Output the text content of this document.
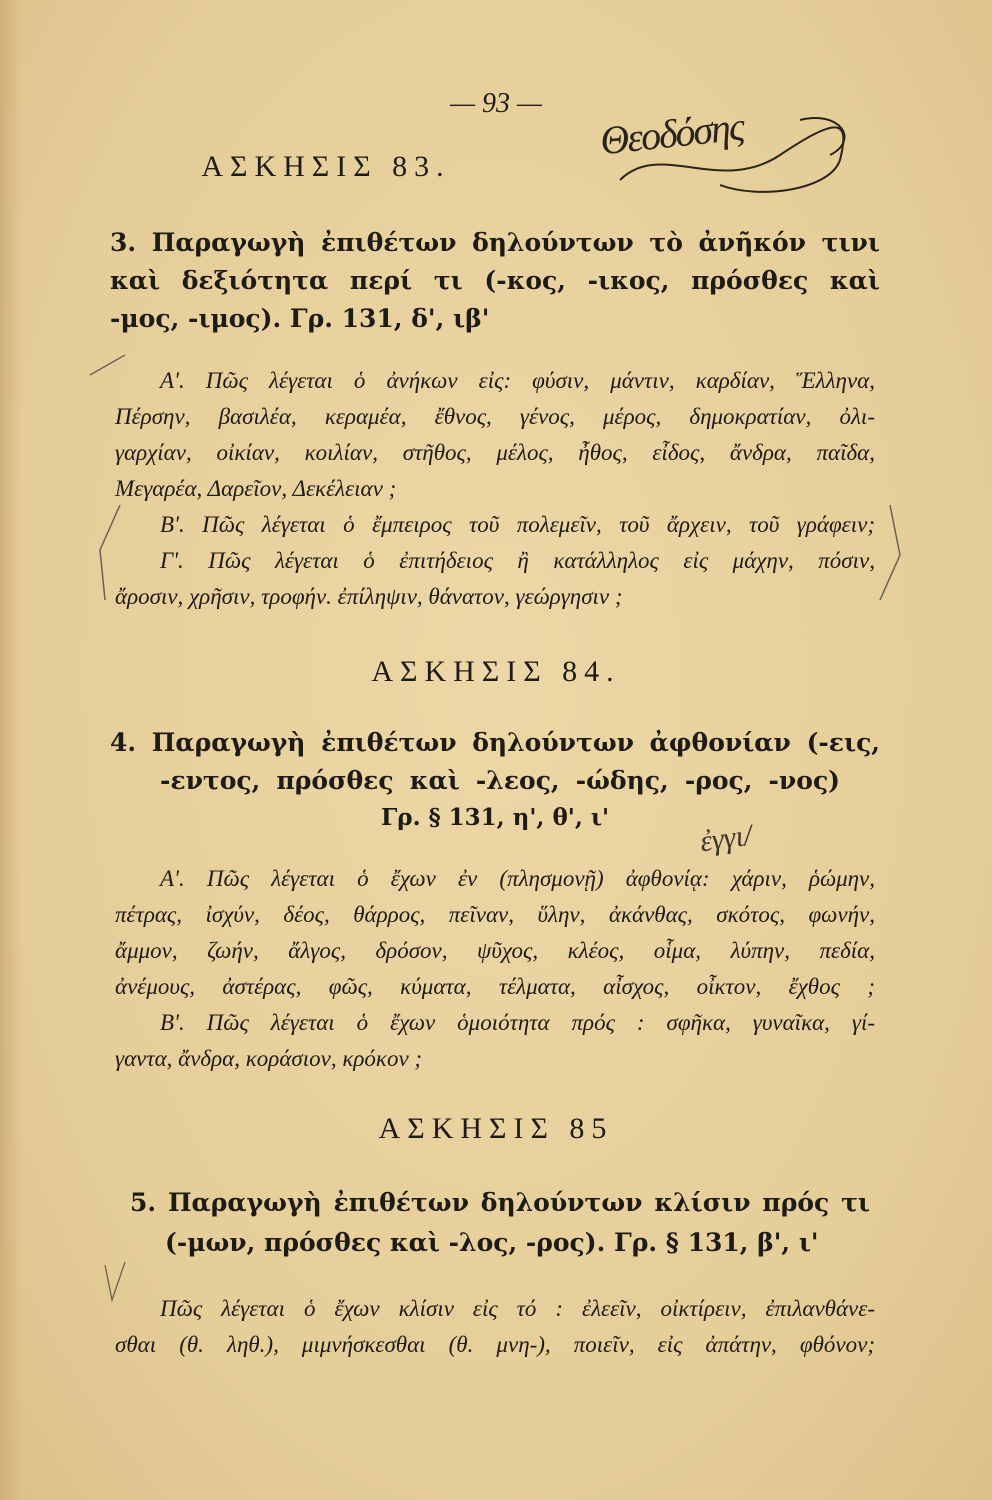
— 93 —
ΑΣΚΗΣΙΣ 83.
Θεοδόσης
3. Παραγωγὴ ἐπιθέτων δηλούντων τὸ ἀνῆκόν τινι
καὶ δεξιότητα περί τι (-κος, -ικος, πρόσθες καὶ
-μος, -ιμος). Γρ. 131, δ', ιβ'
Α'. Πῶς λέγεται ὁ ἀνήκων εἰς: φύσιν, μάντιν, καρδίαν, Ἕλληνα,
Πέρσην, βασιλέα, κεραμέα, ἔθνος, γένος, μέρος, δημοκρατίαν, ὀλι-
γαρχίαν, οἰκίαν, κοιλίαν, στῆθος, μέλος, ἦθος, εἶδος, ἄνδρα, παῖδα,
Μεγαρέα, Δαρεῖον, Δεκέλειαν ;
Β'. Πῶς λέγεται ὁ ἔμπειρος τοῦ πολεμεῖν, τοῦ ἄρχειν, τοῦ γράφειν;
Γ'. Πῶς λέγεται ὁ ἐπιτήδειος ἢ κατάλληλος εἰς μάχην, πόσιν,
ἄροσιν, χρῆσιν, τροφήν. ἐπίληψιν, θάνατον, γεώργησιν ;
ΑΣΚΗΣΙΣ 84.
4. Παραγωγὴ ἐπιθέτων δηλούντων ἀφθονίαν (-εις,
-εντος, πρόσθες καὶ -λεος, -ώδης, -ρος, -νος)
Γρ. § 131, η', θ', ι'
ἐγγι/
Α'. Πῶς λέγεται ὁ ἔχων ἐν (πλησμονῇ) ἀφθονίᾳ: χάριν, ῥώμην,
πέτρας, ἰσχύν, δέος, θάρρος, πεῖναν, ὕλην, ἀκάνθας, σκότος, φωνήν,
ἄμμον, ζωήν, ἄλγος, δρόσον, ψῦχος, κλέος, οἷμα, λύπην, πεδία,
ἀνέμους, ἀστέρας, φῶς, κύματα, τέλματα, αἶσχος, οἶκτον, ἔχθος ;
Β'. Πῶς λέγεται ὁ ἔχων ὁμοιότητα πρός : σφῆκα, γυναῖκα, γί-
γαντα, ἄνδρα, κοράσιον, κρόκον ;
ΑΣΚΗΣΙΣ 85
5. Παραγωγὴ ἐπιθέτων δηλούντων κλίσιν πρός τι
(-μων, πρόσθες καὶ -λος, -ρος). Γρ. § 131, β', ι'
Πῶς λέγεται ὁ ἔχων κλίσιν εἰς τό : ἐλεεῖν, οἰκτίρειν, ἐπιλανθάνε-
σθαι (θ. ληθ.), μιμνήσκεσθαι (θ. μνη-), ποιεῖν, εἰς ἀπάτην, φθόνον;
